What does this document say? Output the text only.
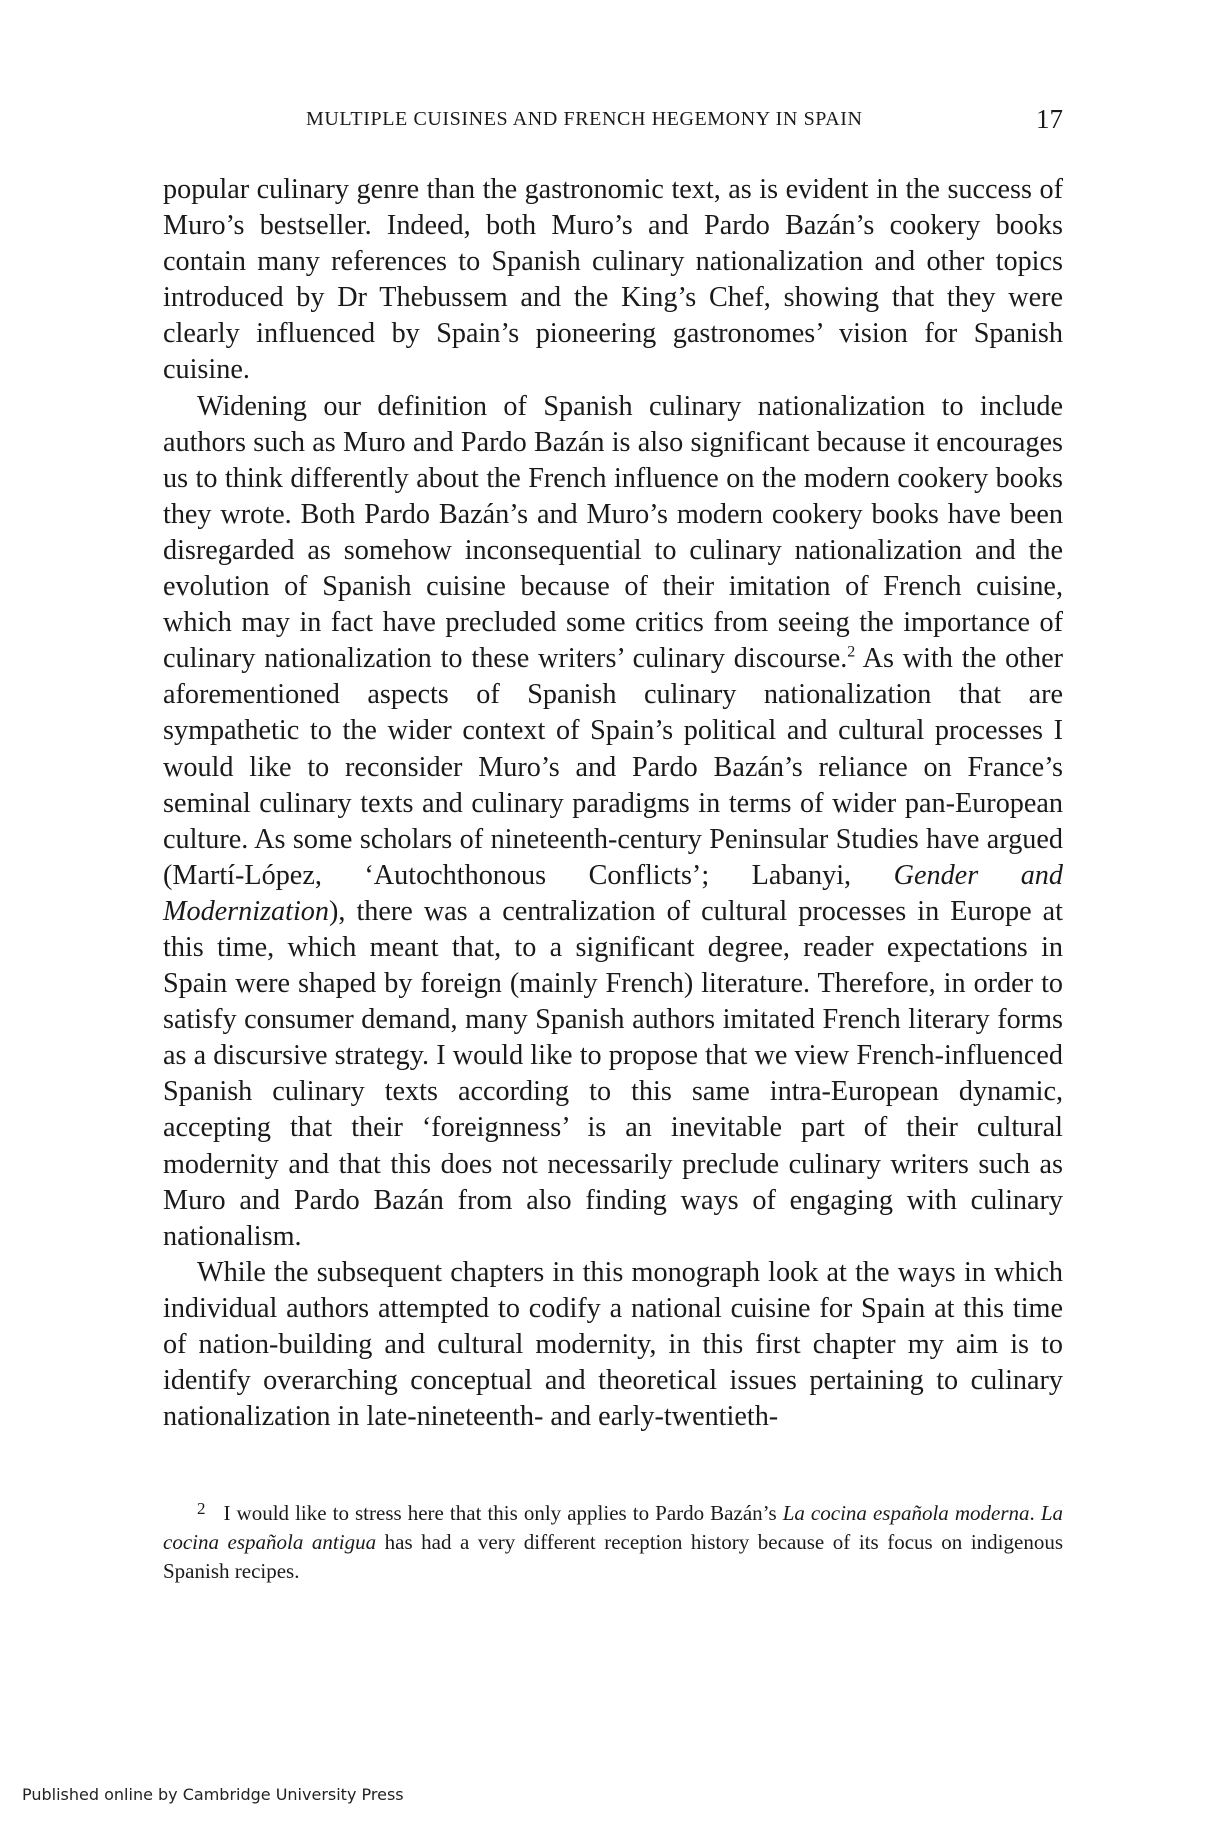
MULTIPLE CUISINES AND FRENCH HEGEMONY IN SPAIN	17

popular culinary genre than the gastronomic text, as is evident in the success of Muro’s bestseller. Indeed, both Muro’s and Pardo Bazán’s cookery books contain many references to Spanish culinary nationalization and other topics introduced by Dr Thebussem and the King’s Chef, showing that they were clearly influenced by Spain’s pioneering gastronomes’ vision for Spanish cuisine.

Widening our definition of Spanish culinary nationalization to include authors such as Muro and Pardo Bazán is also significant because it encourages us to think differently about the French influence on the modern cookery books they wrote. Both Pardo Bazán’s and Muro’s modern cookery books have been disregarded as somehow inconsequential to culinary nationalization and the evolution of Spanish cuisine because of their imitation of French cuisine, which may in fact have precluded some critics from seeing the importance of culinary nationalization to these writers’ culinary discourse.$^2$ As with the other aforementioned aspects of Spanish culinary nationalization that are sympathetic to the wider context of Spain’s political and cultural processes I would like to reconsider Muro’s and Pardo Bazán’s reliance on France’s seminal culinary texts and culinary paradigms in terms of wider pan-European culture. As some scholars of nineteenth-century Peninsular Studies have argued (Martí-López, ‘Autochthonous Conflicts’; Labanyi, Gender and Modernization), there was a centralization of cultural processes in Europe at this time, which meant that, to a significant degree, reader expectations in Spain were shaped by foreign (mainly French) literature. Therefore, in order to satisfy consumer demand, many Spanish authors imitated French literary forms as a discursive strategy. I would like to propose that we view French-influenced Spanish culinary texts according to this same intra-European dynamic, accepting that their ‘foreignness’ is an inevitable part of their cultural modernity and that this does not necessarily preclude culinary writers such as Muro and Pardo Bazán from also finding ways of engaging with culinary nationalism.

While the subsequent chapters in this monograph look at the ways in which individual authors attempted to codify a national cuisine for Spain at this time of nation-building and cultural modernity, in this first chapter my aim is to identify overarching conceptual and theoretical issues pertaining to culinary nationalization in late-nineteenth- and early-twentieth-

$^2$ I would like to stress here that this only applies to Pardo Bazán’s La cocina española moderna. La cocina española antigua has had a very different reception history because of its focus on indigenous Spanish recipes.
Published online by Cambridge University Press
